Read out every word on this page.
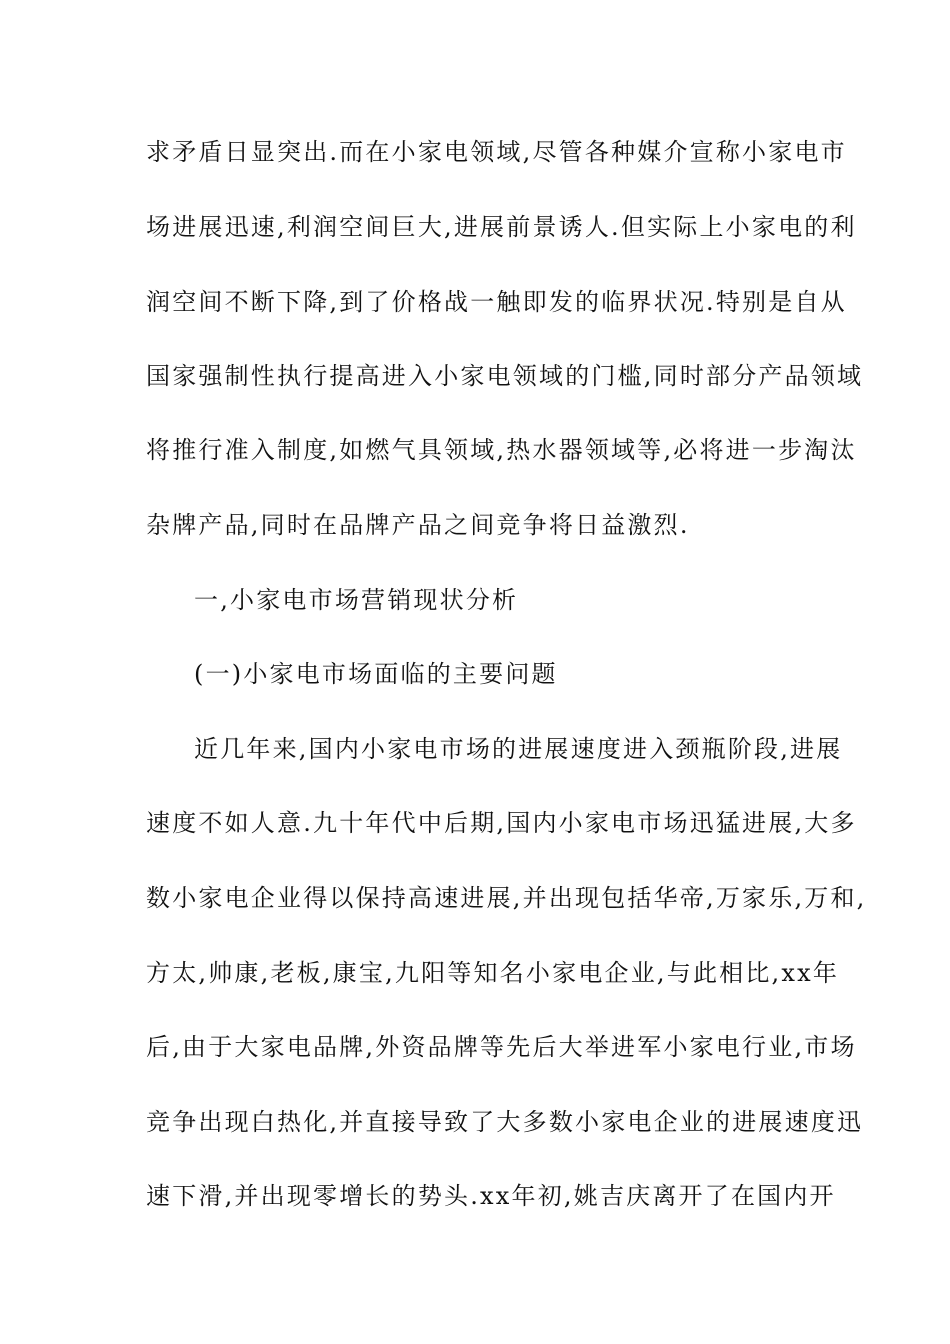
求矛盾日显突出.而在小家电领域,尽管各种媒介宣称小家电市
场进展迅速,利润空间巨大,进展前景诱人.但实际上小家电的利
润空间不断下降,到了价格战一触即发的临界状况.特别是自从
国家强制性执行提高进入小家电领域的门槛,同时部分产品领域
将推行准入制度,如燃气具领域,热水器领域等,必将进一步淘汰
杂牌产品,同时在品牌产品之间竞争将日益激烈.
一,小家电市场营销现状分析
(一)小家电市场面临的主要问题
近几年来,国内小家电市场的进展速度进入颈瓶阶段,进展
速度不如人意.九十年代中后期,国内小家电市场迅猛进展,大多
数小家电企业得以保持高速进展,并出现包括华帝,万家乐,万和,
方太,帅康,老板,康宝,九阳等知名小家电企业,与此相比,xx年
后,由于大家电品牌,外资品牌等先后大举进军小家电行业,市场
竞争出现白热化,并直接导致了大多数小家电企业的进展速度迅
速下滑,并出现零增长的势头.xx年初,姚吉庆离开了在国内开
